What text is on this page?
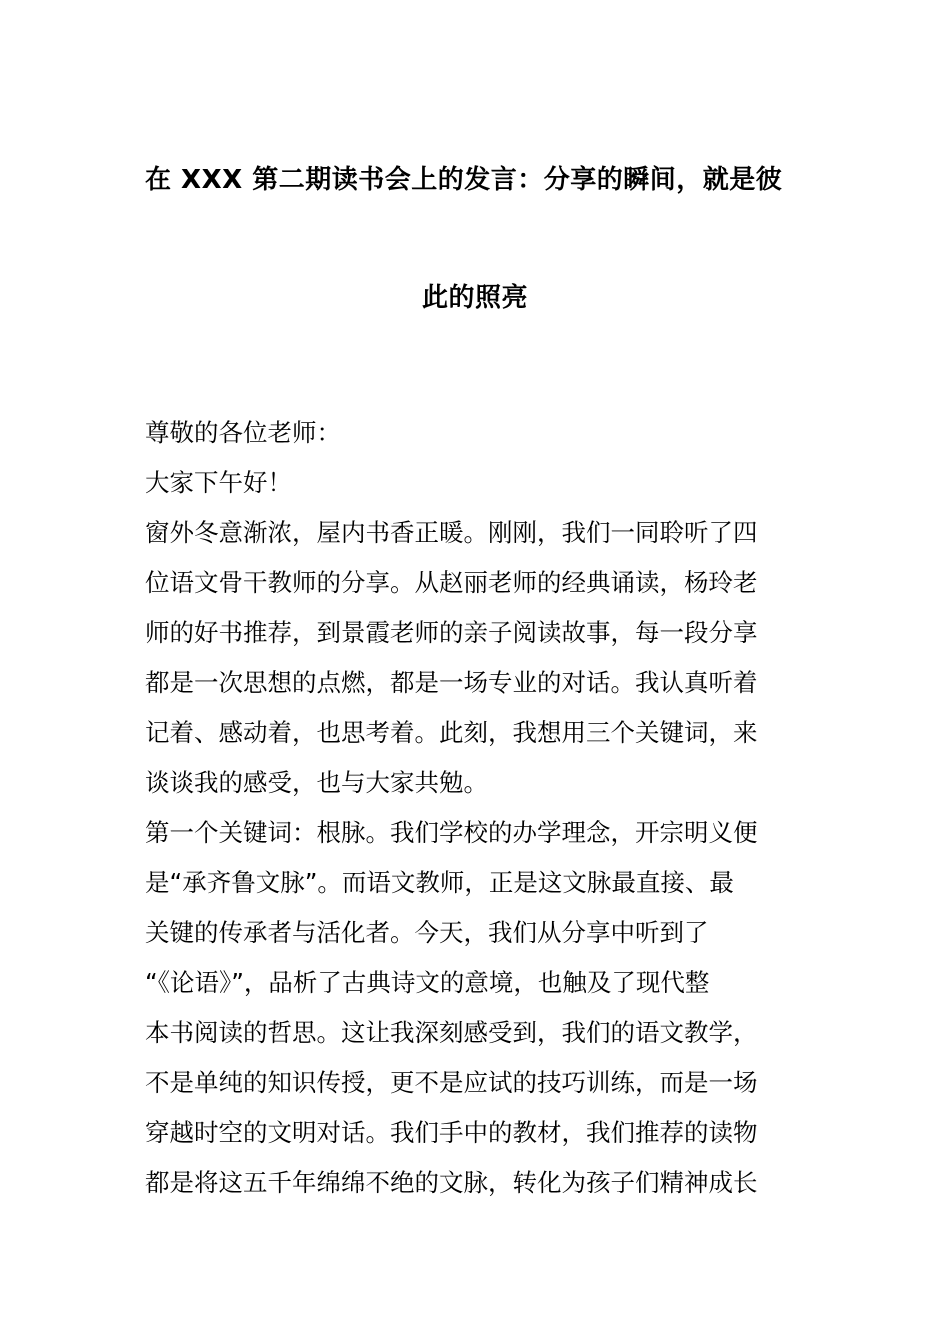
在 XXX 第二期读书会上的发言：分享的瞬间，就是彼
此的照亮
尊敬的各位老师：
大家下午好！
窗外冬意渐浓，屋内书香正暖。刚刚，我们一同聆听了四
位语文骨干教师的分享。从赵丽老师的经典诵读，杨玲老
师的好书推荐，到景霞老师的亲子阅读故事，每一段分享
都是一次思想的点燃，都是一场专业的对话。我认真听着
记着、感动着，也思考着。此刻，我想用三个关键词，来
谈谈我的感受，也与大家共勉。
第一个关键词：根脉。我们学校的办学理念，开宗明义便
是“承齐鲁文脉”。而语文教师，正是这文脉最直接、最
关键的传承者与活化者。今天，我们从分享中听到了
“《论语》”，品析了古典诗文的意境，也触及了现代整
本书阅读的哲思。这让我深刻感受到，我们的语文教学，
不是单纯的知识传授，更不是应试的技巧训练，而是一场
穿越时空的文明对话。我们手中的教材，我们推荐的读物
都是将这五千年绵绵不绝的文脉，转化为孩子们精神成长
